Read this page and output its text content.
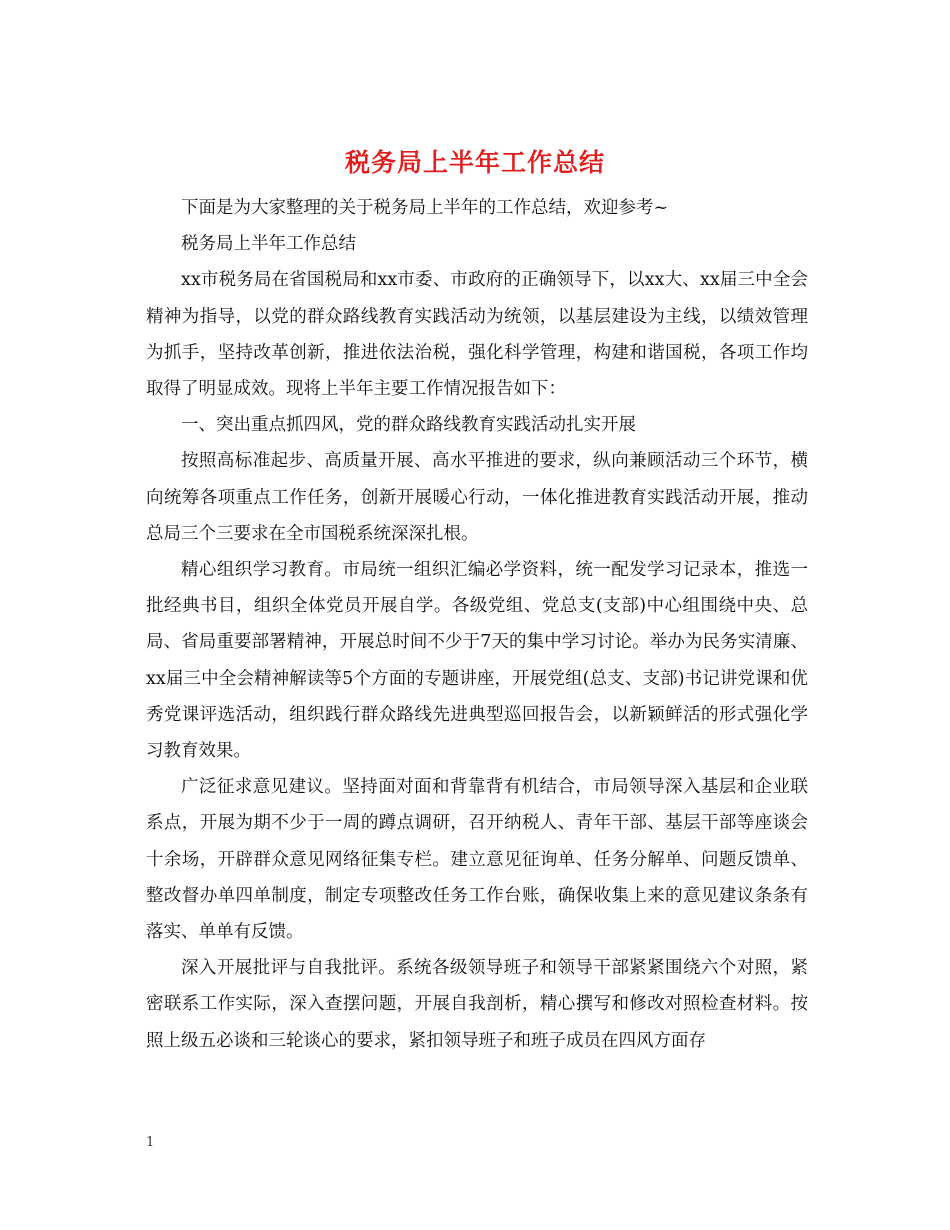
税务局上半年工作总结

下面是为大家整理的关于税务局上半年的工作总结，欢迎参考~

税务局上半年工作总结

xx市税务局在省国税局和xx市委、市政府的正确领导下，以xx大、xx届三中全会精神为指导，以党的群众路线教育实践活动为统领，以基层建设为主线，以绩效管理为抓手，坚持改革创新，推进依法治税，强化科学管理，构建和谐国税，各项工作均取得了明显成效。现将上半年主要工作情况报告如下：

一、突出重点抓四风，党的群众路线教育实践活动扎实开展

按照高标准起步、高质量开展、高水平推进的要求，纵向兼顾活动三个环节，横向统筹各项重点工作任务，创新开展暖心行动，一体化推进教育实践活动开展，推动总局三个三要求在全市国税系统深深扎根。

精心组织学习教育。市局统一组织汇编必学资料，统一配发学习记录本，推选一批经典书目，组织全体党员开展自学。各级党组、党总支(支部)中心组围绕中央、总局、省局重要部署精神，开展总时间不少于7天的集中学习讨论。举办为民务实清廉、xx届三中全会精神解读等5个方面的专题讲座，开展党组(总支、支部)书记讲党课和优秀党课评选活动，组织践行群众路线先进典型巡回报告会，以新颖鲜活的形式强化学习教育效果。

广泛征求意见建议。坚持面对面和背靠背有机结合，市局领导深入基层和企业联系点，开展为期不少于一周的蹲点调研，召开纳税人、青年干部、基层干部等座谈会十余场，开辟群众意见网络征集专栏。建立意见征询单、任务分解单、问题反馈单、整改督办单四单制度，制定专项整改任务工作台账，确保收集上来的意见建议条条有落实、单单有反馈。

深入开展批评与自我批评。系统各级领导班子和领导干部紧紧围绕六个对照，紧密联系工作实际，深入查摆问题，开展自我剖析，精心撰写和修改对照检查材料。按照上级五必谈和三轮谈心的要求，紧扣领导班子和班子成员在四风方面存

1
